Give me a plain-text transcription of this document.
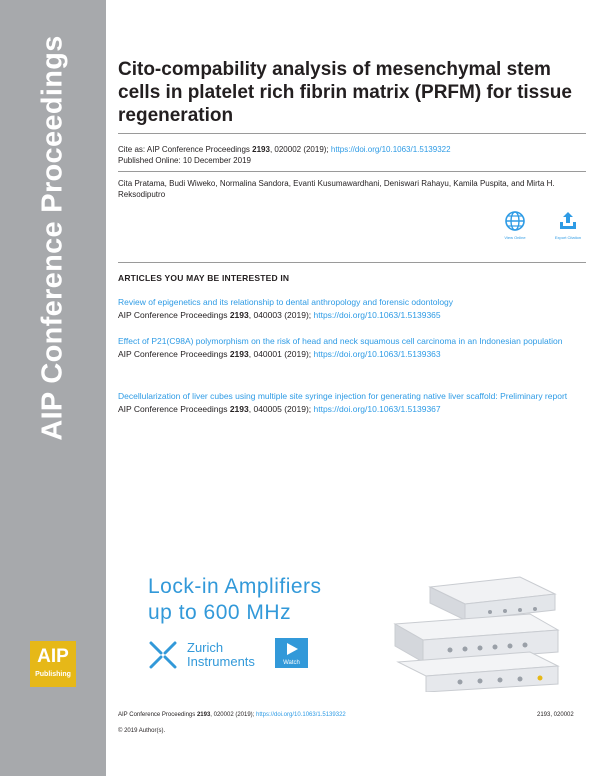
AIP Conference Proceedings
AIP
Publishing
Cito-compability analysis of mesenchymal stem cells in platelet rich fibrin matrix (PRFM) for tissue regeneration
Cite as: AIP Conference Proceedings 2193, 020002 (2019); https://doi.org/10.1063/1.5139322
Published Online: 10 December 2019
Cita Pratama, Budi Wiweko, Normalina Sandora, Evanti Kusumawardhani, Deniswari Rahayu, Kamila Puspita, and Mirta H. Reksodiputro
View Online	Export Citation
ARTICLES YOU MAY BE INTERESTED IN
Review of epigenetics and its relationship to dental anthropology and forensic odontology
AIP Conference Proceedings 2193, 040003 (2019); https://doi.org/10.1063/1.5139365
Effect of P21(C98A) polymorphism on the risk of head and neck squamous cell carcinoma in an Indonesian population
AIP Conference Proceedings 2193, 040001 (2019); https://doi.org/10.1063/1.5139363
Decellularization of liver cubes using multiple site syringe injection for generating native liver scaffold: Preliminary report
AIP Conference Proceedings 2193, 040005 (2019); https://doi.org/10.1063/1.5139367
Lock-in Amplifiers
up to 600 MHz
Zurich
Instruments	Watch
AIP Conference Proceedings 2193, 020002 (2019); https://doi.org/10.1063/1.5139322	2193, 020002
© 2019 Author(s).
